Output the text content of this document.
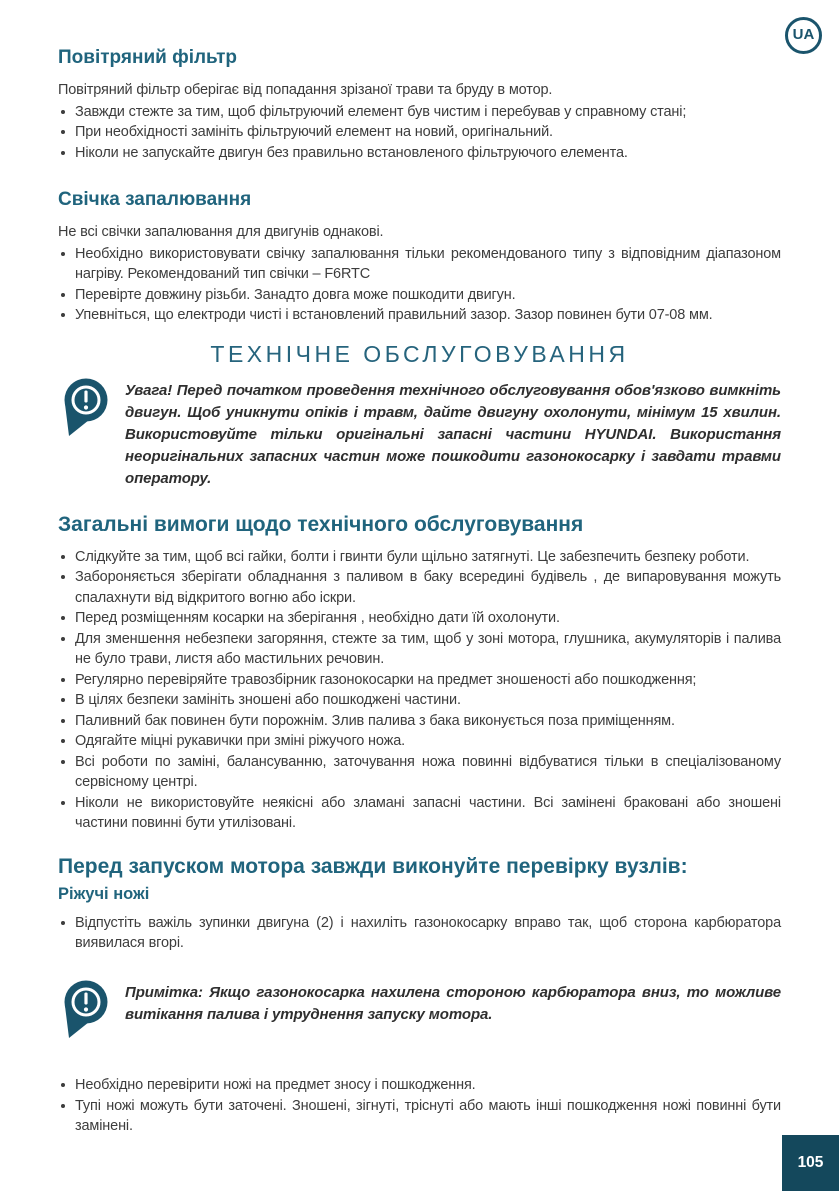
UA
Повітряний фільтр

Повітряний фільтр оберігає від попадання зрізаної трави та бруду в мотор.

Завжди стежте за тим, щоб фільтруючий елемент був чистим і перебував у справному стані;
При необхідності замініть фільтруючий елемент на новий, оригінальний.
Ніколи не запускайте двигун без правильно встановленого фільтруючого елемента.
Свічка запалювання

Не всі свічки запалювання для двигунів однакові.

Необхідно використовувати свічку запалювання тільки рекомендованого типу з відповідним діапазоном нагріву. Рекомендований тип свічки – F6RTC
Перевірте довжину різьби. Занадто довга може пошкодити двигун.
Упевніться, що електроди чисті і встановлений правильний зазор. Зазор повинен бути 07-08 мм.
ТЕХНІЧНЕ ОБСЛУГОВУВАННЯ
Увага! Перед початком проведення технічного обслуговування обов'язково вимкніть двигун. Щоб уникнути опіків і травм, дайте двигуну охолонути, мінімум 15 хвилин. Використовуйте тільки оригінальні запасні частини HYUNDAI. Використання неоригінальних запасних частин може пошкодити газонокосарку і завдати травми оператору.
Загальні вимоги щодо технічного обслуговування
Слідкуйте за тим, щоб всі гайки, болти і гвинти були щільно затягнуті. Це забезпечить безпеку роботи.
Забороняється зберігати обладнання з паливом в баку всередині будівель , де випаровування можуть спалахнути від відкритого вогню або іскри.
Перед розміщенням косарки на зберігання , необхідно дати їй охолонути.
Для зменшення небезпеки загоряння, стежте за тим, щоб у зоні мотора, глушника, акумуляторів і палива не було трави, листя або мастильних речовин.
Регулярно перевіряйте травозбірник газонокосарки на предмет зношеності або пошкодження;
В цілях безпеки замініть зношені або пошкоджені частини.
Паливний бак повинен бути порожнім. Злив палива з бака виконується поза приміщенням.
Одягайте міцні рукавички при зміні ріжучого ножа.
Всі роботи по заміні, балансуванню, заточування ножа повинні відбуватися тільки в спеціалізованому сервісному центрі.
Ніколи не використовуйте неякісні або зламані запасні частини. Всі замінені браковані або зношені частини повинні бути утилізовані.
Перед запуском мотора завжди виконуйте перевірку вузлів:
Ріжучі ножі
Відпустіть важіль зупинки двигуна (2) і нахиліть газонокосарку вправо так, щоб сторона карбюратора виявилася вгорі.
Примітка: Якщо газонокосарка нахилена стороною карбюратора вниз, то можливе витікання палива і утруднення запуску мотора.
Необхідно перевірити ножі на предмет зносу і пошкодження.
Тупі ножі можуть бути заточені. Зношені, зігнуті, тріснуті або мають інші пошкодження ножі повинні бути замінені.
105
